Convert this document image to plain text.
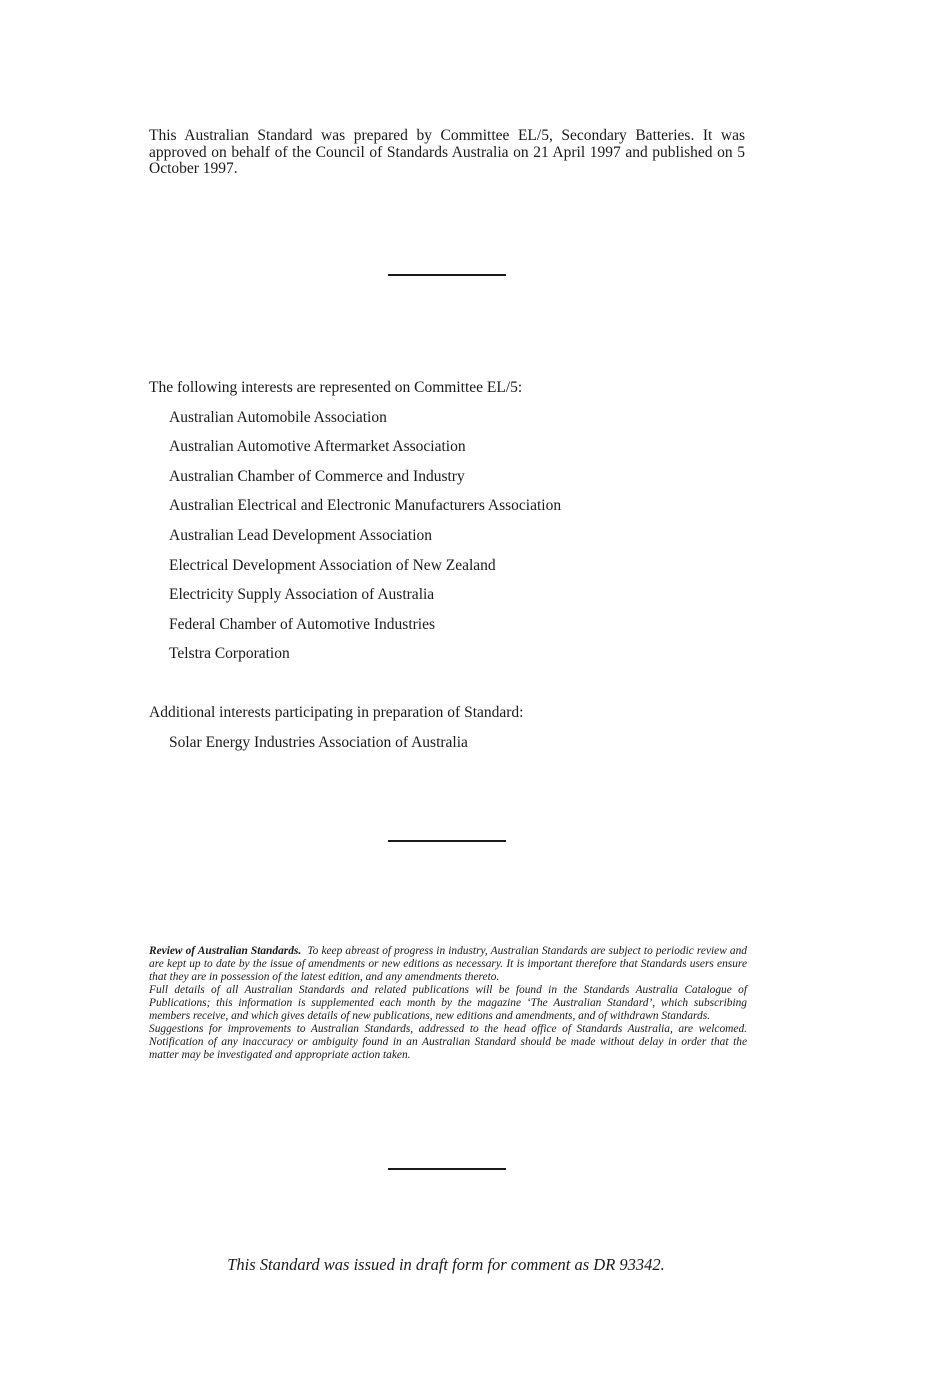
This Australian Standard was prepared by Committee EL/5, Secondary Batteries. It was approved on behalf of the Council of Standards Australia on 21 April 1997 and published on 5 October 1997.

The following interests are represented on Committee EL/5:

Australian Automobile Association
Australian Automotive Aftermarket Association
Australian Chamber of Commerce and Industry
Australian Electrical and Electronic Manufacturers Association
Australian Lead Development Association
Electrical Development Association of New Zealand
Electricity Supply Association of Australia
Federal Chamber of Automotive Industries
Telstra Corporation

Additional interests participating in preparation of Standard:

Solar Energy Industries Association of Australia

Review of Australian Standards. To keep abreast of progress in industry, Australian Standards are subject to periodic review and are kept up to date by the issue of amendments or new editions as necessary. It is important therefore that Standards users ensure that they are in possession of the latest edition, and any amendments thereto.

Full details of all Australian Standards and related publications will be found in the Standards Australia Catalogue of Publications; this information is supplemented each month by the magazine ‘The Australian Standard’, which subscribing members receive, and which gives details of new publications, new editions and amendments, and of withdrawn Standards.

Suggestions for improvements to Australian Standards, addressed to the head office of Standards Australia, are welcomed. Notification of any inaccuracy or ambiguity found in an Australian Standard should be made without delay in order that the matter may be investigated and appropriate action taken.

This Standard was issued in draft form for comment as DR 93342.
